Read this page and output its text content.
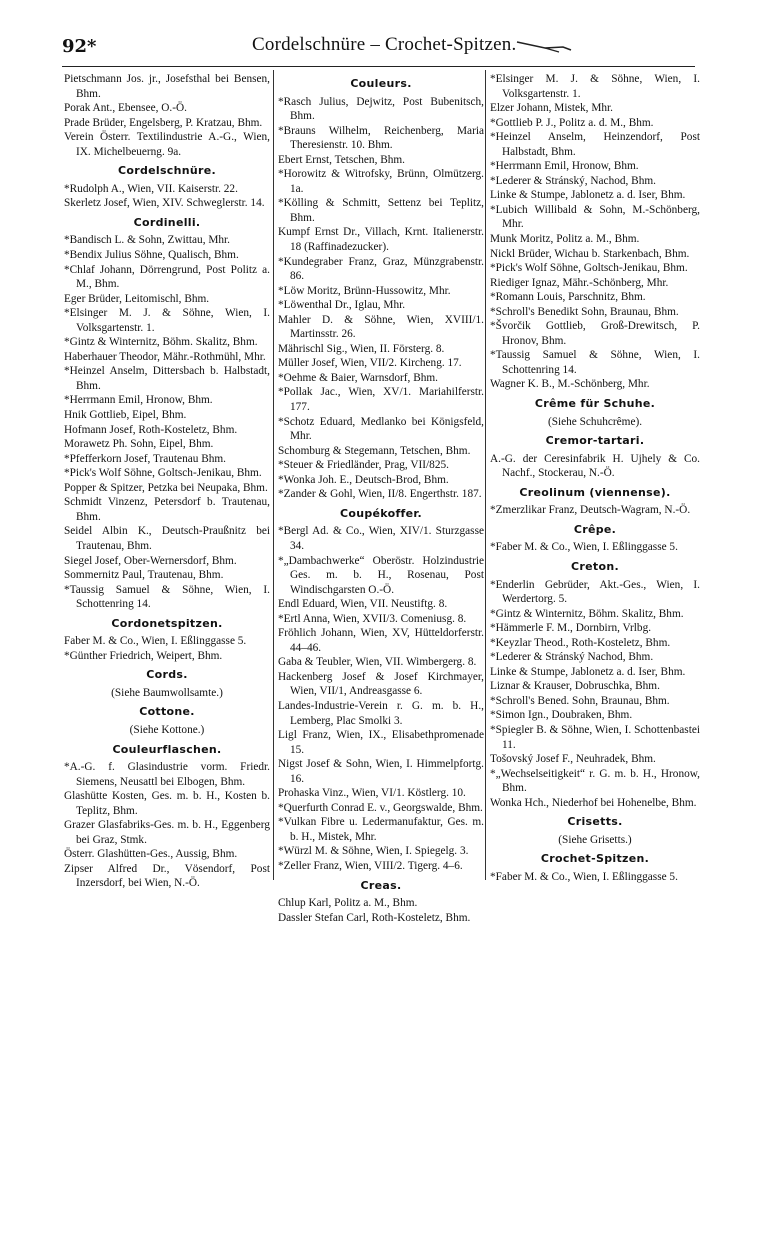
92*	Cordelschnüre – Crochet-Spitzen.
Pietschmann Jos. jr., Josefsthal bei Bensen, Bhm.
Porak Ant., Ebensee, O.-Ö.
Prade Brüder, Engelsberg, P. Kratzau, Bhm.
Verein Österr. Textilindustrie A.-G., Wien, IX. Michelbeuerng. 9a.
Cordelschnüre.
*Rudolph A., Wien, VII. Kaiserstr. 22.
Skerletz Josef, Wien, XIV. Schweglerstr. 14.
Cordinelli.
*Bandisch L. & Sohn, Zwittau, Mhr.
*Bendix Julius Söhne, Qualisch, Bhm.
*Chlaf Johann, Dörrengrund, Post Politz a. M., Bhm.
Eger Brüder, Leitomischl, Bhm.
*Elsinger M. J. & Söhne, Wien, I. Volksgartenstr. 1.
*Gintz & Winternitz, Böhm. Skalitz, Bhm.
Haberhauer Theodor, Mähr.-Rothmühl, Mhr.
*Heinzel Anselm, Dittersbach b. Halbstadt, Bhm.
*Herrmann Emil, Hronow, Bhm.
Hnik Gottlieb, Eipel, Bhm.
Hofmann Josef, Roth-Kosteletz, Bhm.
Morawetz Ph. Sohn, Eipel, Bhm.
*Pfefferkorn Josef, Trautenau Bhm.
*Pick's Wolf Söhne, Goltsch-Jenikau, Bhm.
Popper & Spitzer, Petzka bei Neupaka, Bhm.
Schmidt Vinzenz, Petersdorf b. Trautenau, Bhm.
Seidel Albin K., Deutsch-Praußnitz bei Trautenau, Bhm.
Siegel Josef, Ober-Wernersdorf, Bhm.
Sommernitz Paul, Trautenau, Bhm.
*Taussig Samuel & Söhne, Wien, I. Schottenring 14.
Cordonetspitzen.
Faber M. & Co., Wien, I. Eßlinggasse 5.
*Günther Friedrich, Weipert, Bhm.
Cords.
(Siehe Baumwollsamte.)
Cottone.
(Siehe Kottone.)
Couleurflaschen.
*A.-G. f. Glasindustrie vorm. Friedr. Siemens, Neusattl bei Elbogen, Bhm.
Glashütte Kosten, Ges. m. b. H., Kosten b. Teplitz, Bhm.
Grazer Glasfabriks-Ges. m. b. H., Eggenberg bei Graz, Stmk.
Österr. Glashütten-Ges., Aussig, Bhm.
Zipser Alfred Dr., Vösendorf, Post Inzersdorf, bei Wien, N.-Ö.
Couleurs.
*Rasch Julius, Dejwitz, Post Bubenitsch, Bhm.
*Brauns Wilhelm, Reichenberg, Maria Theresienstr. 10. Bhm.
Ebert Ernst, Tetschen, Bhm.
*Horowitz & Witrofsky, Brünn, Olmützerg. 1a.
*Kölling & Schmitt, Settenz bei Teplitz, Bhm.
Kumpf Ernst Dr., Villach, Krnt. Italienerstr. 18 (Raffinadezucker).
*Kundegraber Franz, Graz, Münzgrabenstr. 86.
*Löw Moritz, Brünn-Hussowitz, Mhr.
*Löwenthal Dr., Iglau, Mhr.
Mahler D. & Söhne, Wien, XVIII/1. Martinsstr. 26.
Mährischl Sig., Wien, II. Försterg. 8.
Müller Josef, Wien, VII/2. Kircheng. 17.
*Oehme & Baier, Warnsdorf, Bhm.
*Pollak Jac., Wien, XV/1. Mariahilferstr. 177.
*Schotz Eduard, Medlanko bei Königsfeld, Mhr.
Schomburg & Stegemann, Tetschen, Bhm.
*Steuer & Friedländer, Prag, VII/825.
*Wonka Joh. E., Deutsch-Brod, Bhm.
*Zander & Gohl, Wien, II/8. Engerthstr. 187.
Coupékoffer.
*Bergl Ad. & Co., Wien, XIV/1. Sturzgasse 34.
*„Dambachwerke“ Oberöstr. Holzindustrie Ges. m. b. H., Rosenau, Post Windischgarsten O.-Ö.
Endl Eduard, Wien, VII. Neustiftg. 8.
*Ertl Anna, Wien, XVII/3. Comeniusg. 8.
Fröhlich Johann, Wien, XV, Hütteldorferstr. 44–46.
Gaba & Teubler, Wien, VII. Wimbergerg. 8.
Hackenberg Josef & Josef Kirchmayer, Wien, VII/1, Andreasgasse 6.
Landes-Industrie-Verein r. G. m. b. H., Lemberg, Plac Smolki 3.
Ligl Franz, Wien, IX., Elisabethpromenade 15.
Nigst Josef & Sohn, Wien, I. Himmelpfortg. 16.
Prohaska Vinz., Wien, VI/1. Köstlerg. 10.
*Querfurth Conrad E. v., Georgswalde, Bhm.
*Vulkan Fibre u. Ledermanufaktur, Ges. m. b. H., Mistek, Mhr.
*Würzl M. & Söhne, Wien, I. Spiegelg. 3.
*Zeller Franz, Wien, VIII/2. Tigerg. 4–6.
Creas.
Chlup Karl, Politz a. M., Bhm.
Dassler Stefan Carl, Roth-Kosteletz, Bhm.
*Elsinger M. J. & Söhne, Wien, I. Volksgartenstr. 1.
Elzer Johann, Mistek, Mhr.
*Gottlieb P. J., Politz a. d. M., Bhm.
*Heinzel Anselm, Heinzendorf, Post Halbstadt, Bhm.
*Herrmann Emil, Hronow, Bhm.
*Lederer & Stránský, Nachod, Bhm.
Linke & Stumpe, Jablonetz a. d. Iser, Bhm.
*Lubich Willibald & Sohn, M.-Schönberg, Mhr.
Munk Moritz, Politz a. M., Bhm.
Nickl Brüder, Wichau b. Starkenbach, Bhm.
*Pick's Wolf Söhne, Goltsch-Jenikau, Bhm.
Riediger Ignaz, Mähr.-Schönberg, Mhr.
*Romann Louis, Parschnitz, Bhm.
*Schroll's Benedikt Sohn, Braunau, Bhm.
*Švorčik Gottlieb, Groß-Drewitsch, P. Hronov, Bhm.
*Taussig Samuel & Söhne, Wien, I. Schottenring 14.
Wagner K. B., M.-Schönberg, Mhr.
Crême für Schuhe.
(Siehe Schuhcrême).
Cremor-tartari.
A.-G. der Ceresinfabrik H. Ujhely & Co. Nachf., Stockerau, N.-Ö.
Creolinum (viennense).
*Zmerzlikar Franz, Deutsch-Wagram, N.-Ö.
Crêpe.
*Faber M. & Co., Wien, I. Eßlinggasse 5.
Creton.
*Enderlin Gebrüder, Akt.-Ges., Wien, I. Werdertorg. 5.
*Gintz & Winternitz, Böhm. Skalitz, Bhm.
*Hämmerle F. M., Dornbirn, Vrlbg.
*Keyzlar Theod., Roth-Kosteletz, Bhm.
*Lederer & Stránský Nachod, Bhm.
Linke & Stumpe, Jablonetz a. d. Iser, Bhm.
Liznar & Krauser, Dobruschka, Bhm.
*Schroll's Bened. Sohn, Braunau, Bhm.
*Simon Ign., Doubraken, Bhm.
*Spiegler B. & Söhne, Wien, I. Schottenbastei 11.
Tošovský Josef F., Neuhradek, Bhm.
*„Wechselseitigkeit“ r. G. m. b. H., Hronow, Bhm.
Wonka Hch., Niederhof bei Hohenelbe, Bhm.
Crisetts.
(Siehe Grisetts.)
Crochet-Spitzen.
*Faber M. & Co., Wien, I. Eßlinggasse 5.
